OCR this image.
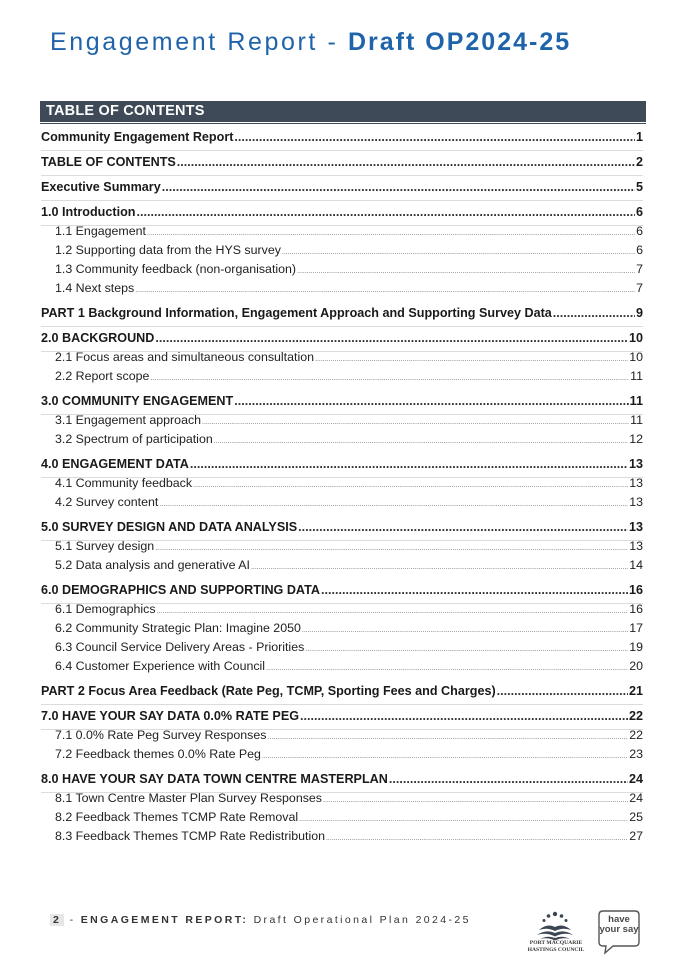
Engagement Report - Draft OP2024-25
TABLE OF CONTENTS
Community Engagement Report .....	1
TABLE OF CONTENTS .....	2
Executive Summary .....	5
1.0 Introduction .....	6
1.1 Engagement .....	6
1.2 Supporting data from the HYS survey .....	6
1.3 Community feedback (non-organisation) .....	7
1.4 Next steps .....	7
PART 1 Background Information, Engagement Approach and Supporting Survey Data .....	9
2.0 BACKGROUND .....	10
2.1 Focus areas and simultaneous consultation .....	10
2.2 Report scope .....	11
3.0 COMMUNITY ENGAGEMENT .....	11
3.1 Engagement approach .....	11
3.2 Spectrum of participation .....	12
4.0 ENGAGEMENT DATA .....	13
4.1 Community feedback .....	13
4.2 Survey content .....	13
5.0 SURVEY DESIGN AND DATA ANALYSIS .....	13
5.1 Survey design .....	13
5.2 Data analysis and generative AI .....	14
6.0 DEMOGRAPHICS AND SUPPORTING DATA .....	16
6.1 Demographics .....	16
6.2 Community Strategic Plan: Imagine 2050 .....	17
6.3 Council Service Delivery Areas - Priorities .....	19
6.4 Customer Experience with Council .....	20
PART 2 Focus Area Feedback (Rate Peg, TCMP, Sporting Fees and Charges) .....	21
7.0 HAVE YOUR SAY DATA 0.0% RATE PEG .....	22
7.1 0.0% Rate Peg Survey Responses .....	22
7.2 Feedback themes 0.0% Rate Peg .....	23
8.0 HAVE YOUR SAY DATA TOWN CENTRE MASTERPLAN .....	24
8.1 Town Centre Master Plan Survey Responses .....	24
8.2 Feedback Themes TCMP Rate Removal .....	25
8.3 Feedback Themes TCMP Rate Redistribution .....	27
2 - ENGAGEMENT REPORT: Draft Operational Plan 2024-25
PORT MACQUARIE
HASTINGS COUNCIL
have
your say
